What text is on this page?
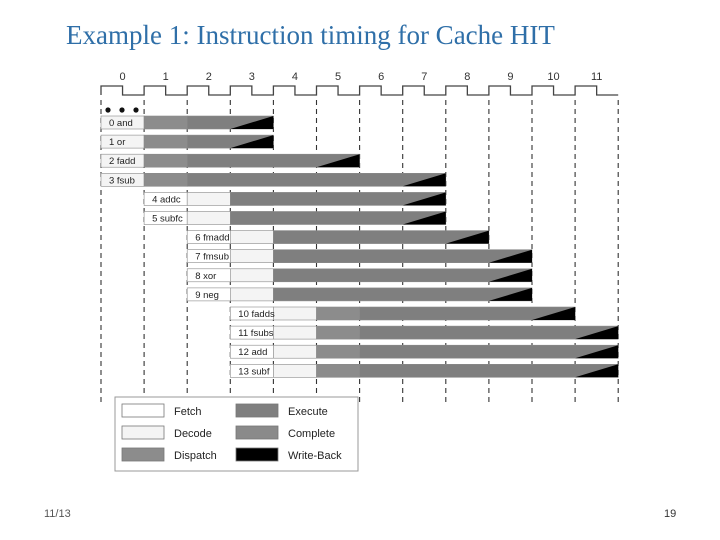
Example 1: Instruction timing for Cache HIT
0	1	2	3	4	5	6	7	8	9	10	11
0 and
1 or
2 fadd
3 fsub
4 addc
5 subfc
6 fmadd
7 fmsub
8 xor
9 neg
10 fadds
11 fsubs
12 add
13 subf
Fetch	Execute
Decode	Complete
Dispatch	Write-Back
11/13	19
